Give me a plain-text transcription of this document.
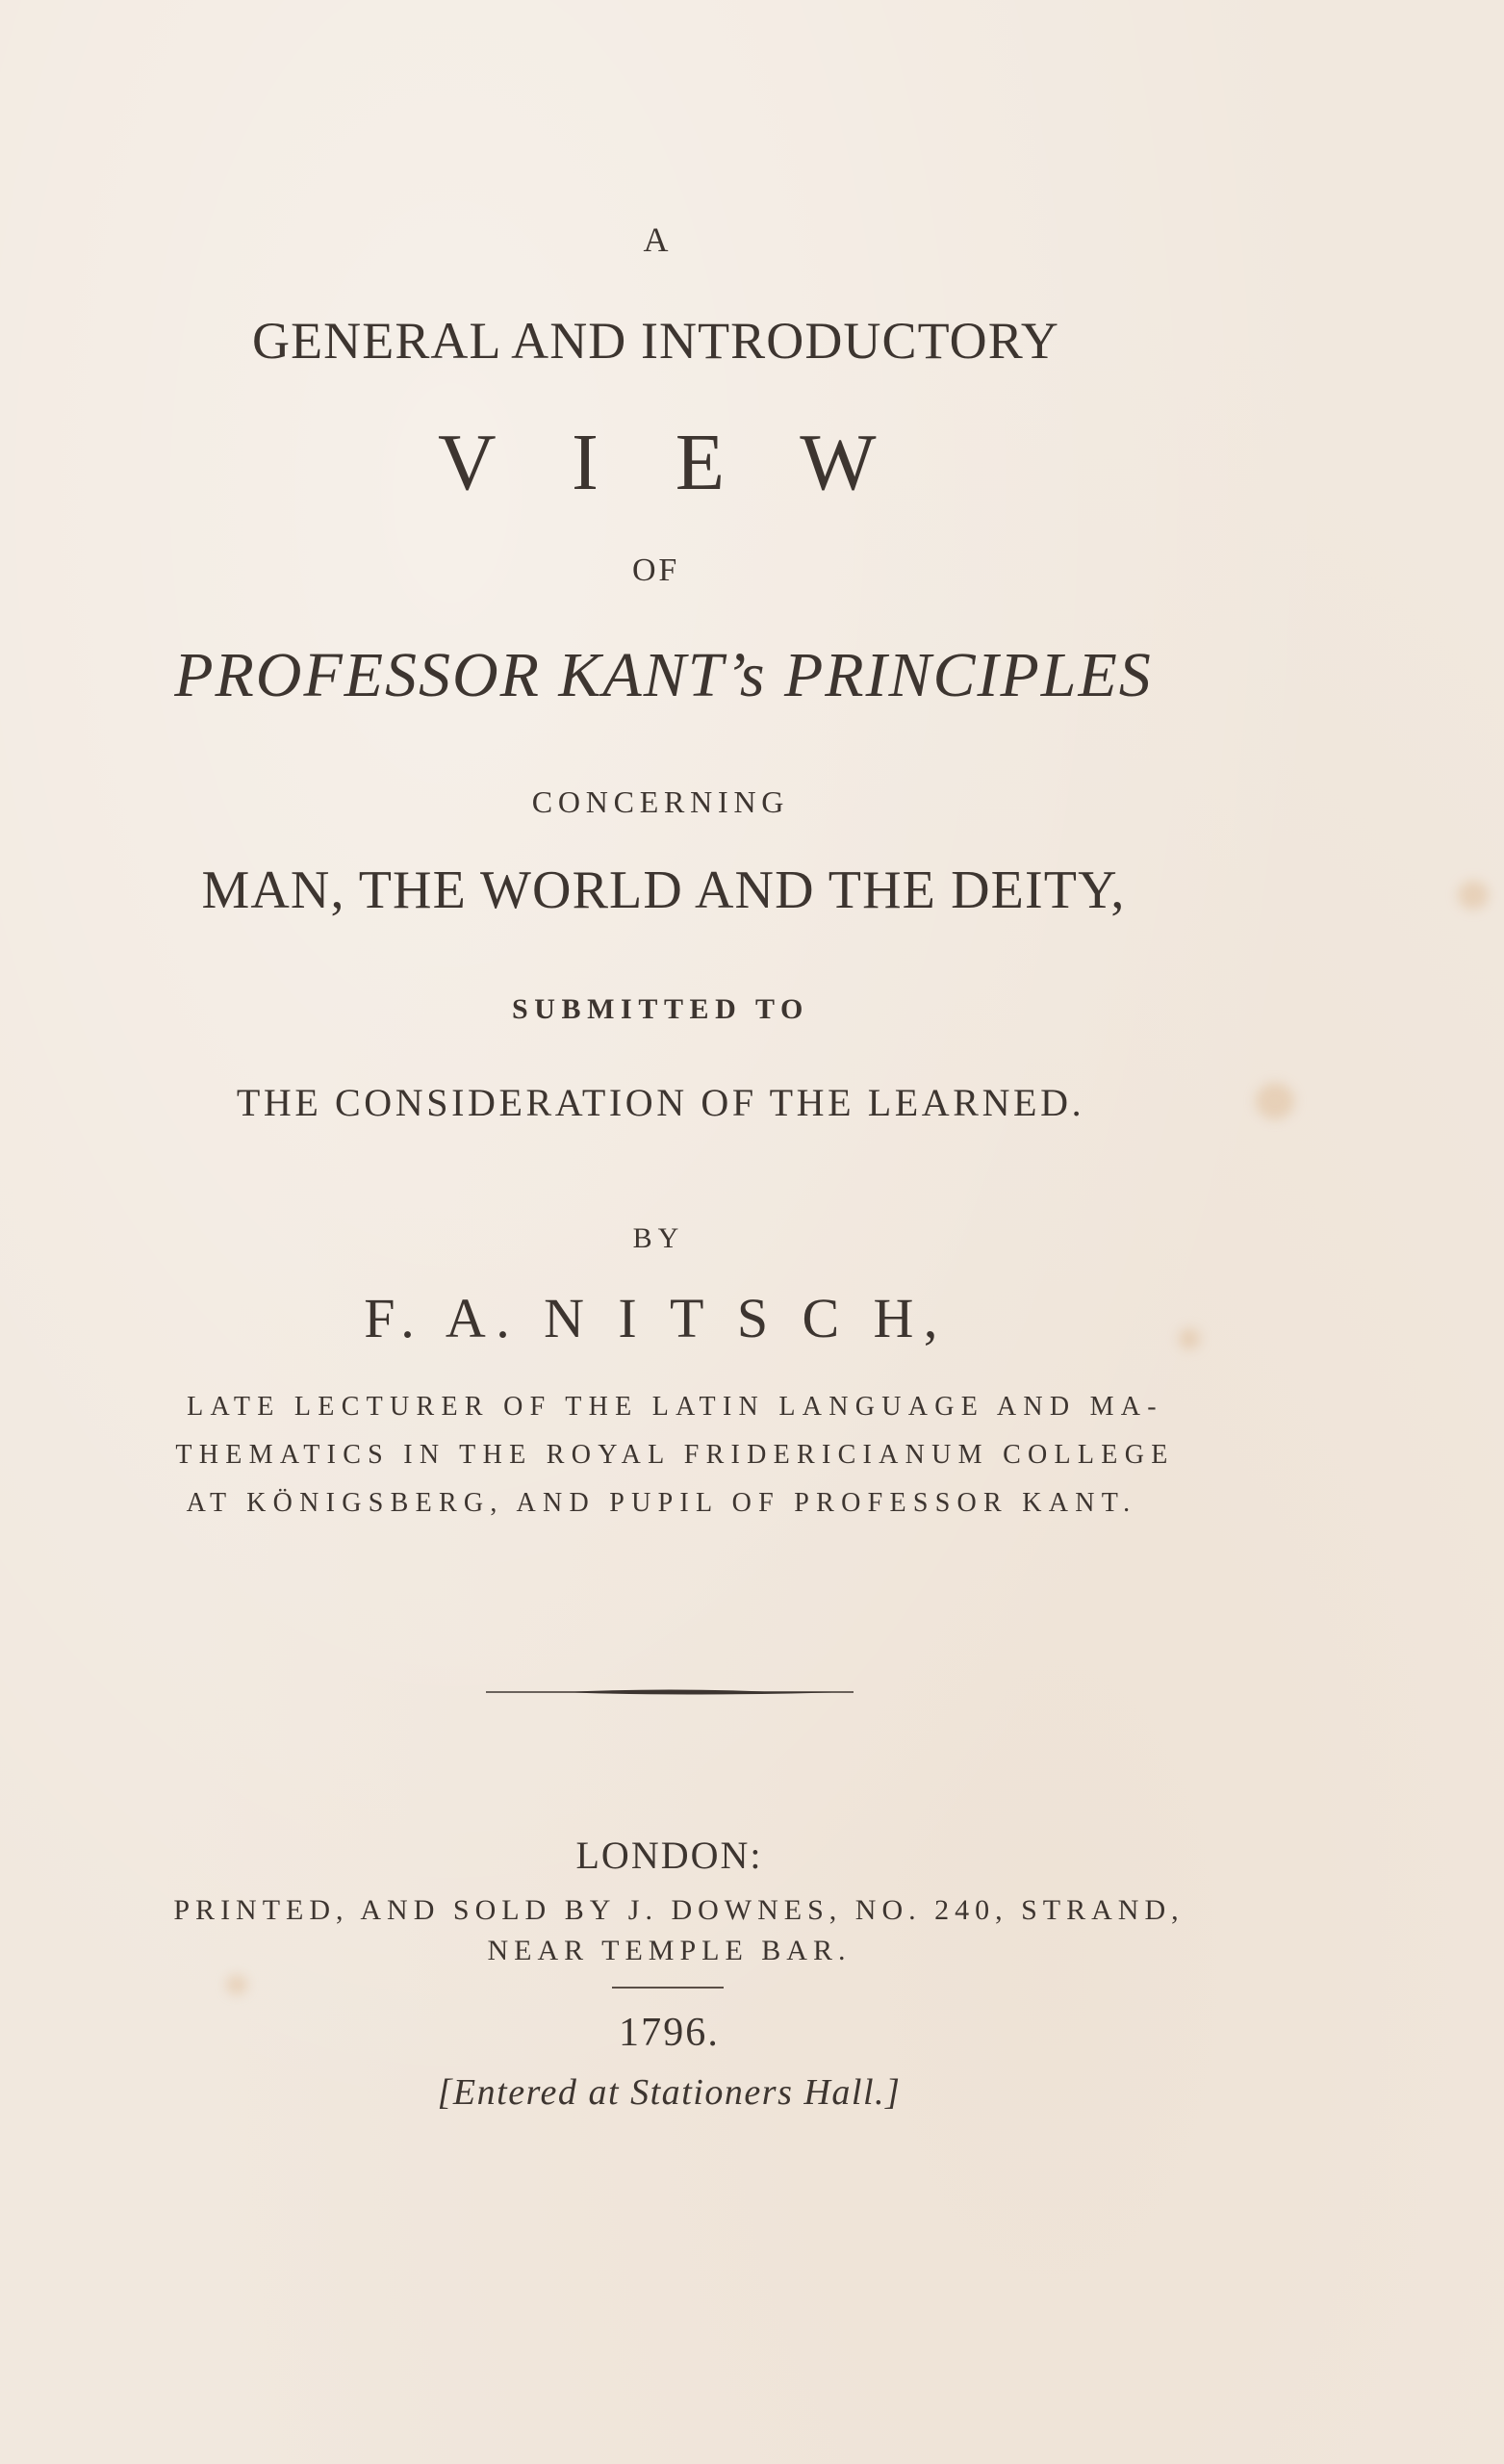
A

GENERAL AND INTRODUCTORY

V I E W

OF

PROFESSOR KANT’s PRINCIPLES

CONCERNING

MAN, THE WORLD AND THE DEITY,

SUBMITTED TO

THE CONSIDERATION OF THE LEARNED.

BY

F. A. N I T S C H,

LATE LECTURER OF THE LATIN LANGUAGE AND MA-

THEMATICS IN THE ROYAL FRIDERICIANUM COLLEGE

AT KÖNIGSBERG, AND PUPIL OF PROFESSOR KANT.

LONDON:

PRINTED, AND SOLD BY J. DOWNES, NO. 240, STRAND,

NEAR TEMPLE BAR.

1796.

[Entered at Stationers Hall.]
